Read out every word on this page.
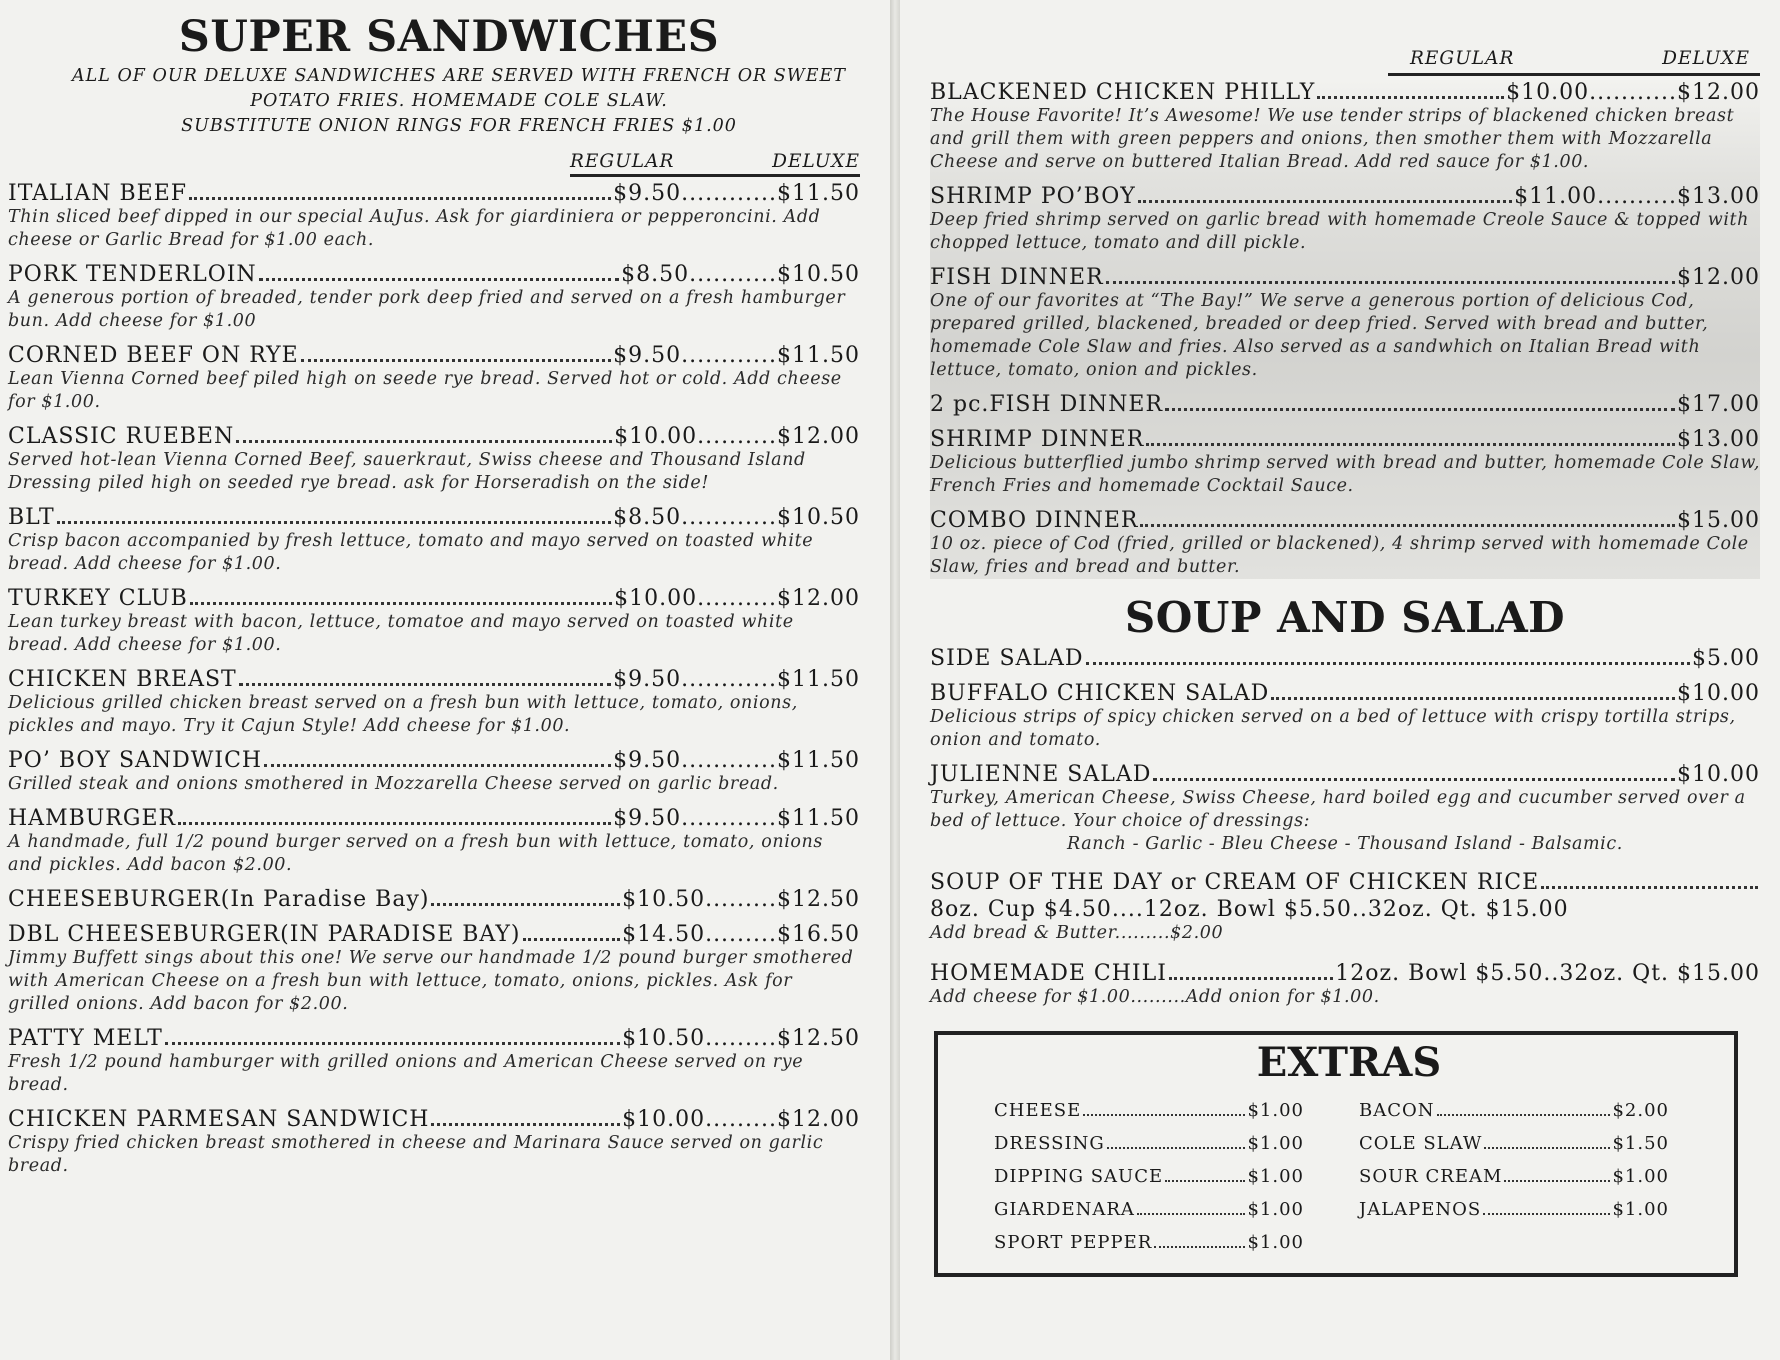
SUPER SANDWICHES
ALL OF OUR DELUXE SANDWICHES ARE SERVED WITH FRENCH OR SWEET
POTATO FRIES. HOMEMADE COLE SLAW.
SUBSTITUTE ONION RINGS FOR FRENCH FRIES $1.00
REGULAR	DELUXE
ITALIAN BEEF	$9.50............$11.50
Thin sliced beef dipped in our special AuJus. Ask for giardiniera or pepperoncini. Add cheese or Garlic Bread for $1.00 each.
PORK TENDERLOIN	$8.50...........$10.50
A generous portion of breaded, tender pork deep fried and served on a fresh hamburger bun. Add cheese for $1.00
CORNED BEEF ON RYE	$9.50............$11.50
Lean Vienna Corned beef piled high on seede rye bread. Served hot or cold. Add cheese for $1.00.
CLASSIC RUEBEN	$10.00..........$12.00
Served hot-lean Vienna Corned Beef, sauerkraut, Swiss cheese and Thousand Island Dressing piled high on seeded rye bread. ask for Horseradish on the side!
BLT	$8.50............$10.50
Crisp bacon accompanied by fresh lettuce, tomato and mayo served on toasted white bread. Add cheese for $1.00.
TURKEY CLUB	$10.00..........$12.00
Lean turkey breast with bacon, lettuce, tomatoe and mayo served on toasted white bread. Add cheese for $1.00.
CHICKEN BREAST	$9.50............$11.50
Delicious grilled chicken breast served on a fresh bun with lettuce, tomato, onions, pickles and mayo. Try it Cajun Style! Add cheese for $1.00.
PO’ BOY SANDWICH	$9.50............$11.50
Grilled steak and onions smothered in Mozzarella Cheese served on garlic bread.
HAMBURGER	$9.50............$11.50
A handmade, full 1/2 pound burger served on a fresh bun with lettuce, tomato, onions and pickles. Add bacon $2.00.
CHEESEBURGER(In Paradise Bay)	$10.50.........$12.50
DBL CHEESEBURGER(IN PARADISE BAY)	$14.50.........$16.50
Jimmy Buffett sings about this one! We serve our handmade 1/2 pound burger smothered with American Cheese on a fresh bun with lettuce, tomato, onions, pickles. Ask for grilled onions. Add bacon for $2.00.
PATTY MELT	$10.50.........$12.50
Fresh 1/2 pound hamburger with grilled onions and American Cheese served on rye bread.
CHICKEN PARMESAN SANDWICH	$10.00.........$12.00
Crispy fried chicken breast smothered in cheese and Marinara Sauce served on garlic bread.
REGULAR	DELUXE
BLACKENED CHICKEN PHILLY	$10.00...........$12.00
The House Favorite! It’s Awesome! We use tender strips of blackened chicken breast and grill them with green peppers and onions, then smother them with Mozzarella Cheese and serve on buttered Italian Bread. Add red sauce for $1.00.
SHRIMP PO’BOY	$11.00..........$13.00
Deep fried shrimp served on garlic bread with homemade Creole Sauce & topped with chopped lettuce, tomato and dill pickle.
FISH DINNER	$12.00
One of our favorites at “The Bay!” We serve a generous portion of delicious Cod, prepared grilled, blackened, breaded or deep fried. Served with bread and butter, homemade Cole Slaw and fries. Also served as a sandwhich on Italian Bread with lettuce, tomato, onion and pickles.
2 pc.FISH DINNER	$17.00
SHRIMP DINNER	$13.00
Delicious butterflied jumbo shrimp served with bread and butter, homemade Cole Slaw, French Fries and homemade Cocktail Sauce.
COMBO DINNER	$15.00
10 oz. piece of Cod (fried, grilled or blackened), 4 shrimp served with homemade Cole Slaw, fries and bread and butter.
SOUP AND SALAD
SIDE SALAD	$5.00
BUFFALO CHICKEN SALAD	$10.00
Delicious strips of spicy chicken served on a bed of lettuce with crispy tortilla strips, onion and tomato.
JULIENNE SALAD	$10.00
Turkey, American Cheese, Swiss Cheese, hard boiled egg and cucumber served over a bed of lettuce. Your choice of dressings:
Ranch - Garlic - Bleu Cheese - Thousand Island - Balsamic.
SOUP OF THE DAY or CREAM OF CHICKEN RICE
8oz. Cup $4.50....12oz. Bowl $5.50..32oz. Qt. $15.00
Add bread & Butter.........$2.00
HOMEMADE CHILI	12oz. Bowl $5.50..32oz. Qt. $15.00
Add cheese for $1.00.........Add onion for $1.00.
EXTRAS
CHEESE	$1.00
DRESSING	$1.00
DIPPING SAUCE	$1.00
GIARDENARA	$1.00
SPORT PEPPER	$1.00
BACON	$2.00
COLE SLAW	$1.50
SOUR CREAM	$1.00
JALAPENOS	$1.00
